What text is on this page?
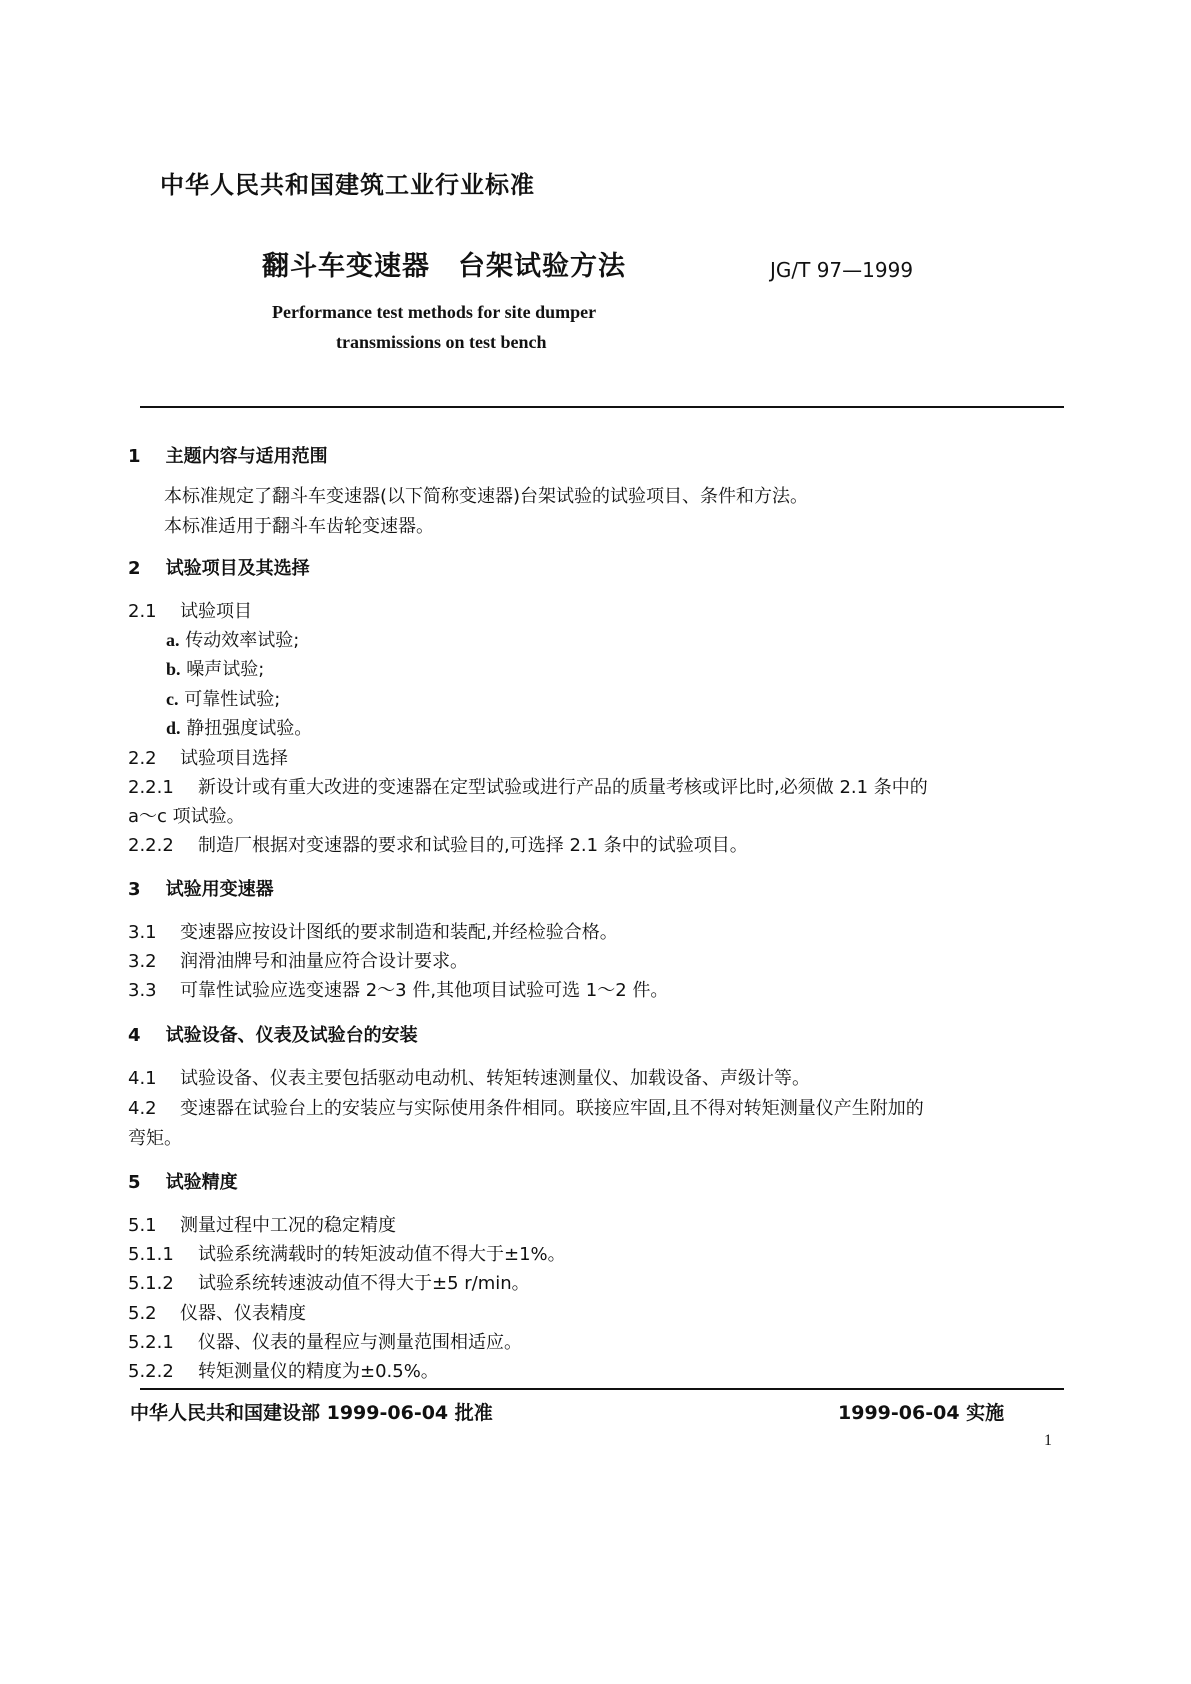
中华人民共和国建筑工业行业标准
翻斗车变速器　台架试验方法	JG/T 97—1999
Performance test methods for site dumper
transmissions on test bench
1 主题内容与适用范围
本标准规定了翻斗车变速器(以下简称变速器)台架试验的试验项目、条件和方法。
本标准适用于翻斗车齿轮变速器。
2 试验项目及其选择
2.1 试验项目
a. 传动效率试验;
b. 噪声试验;
c. 可靠性试验;
d. 静扭强度试验。
2.2 试验项目选择
2.2.1 新设计或有重大改进的变速器在定型试验或进行产品的质量考核或评比时,必须做 2.1 条中的
a～c 项试验。
2.2.2 制造厂根据对变速器的要求和试验目的,可选择 2.1 条中的试验项目。
3 试验用变速器
3.1 变速器应按设计图纸的要求制造和装配,并经检验合格。
3.2 润滑油牌号和油量应符合设计要求。
3.3 可靠性试验应选变速器 2～3 件,其他项目试验可选 1～2 件。
4 试验设备、仪表及试验台的安装
4.1 试验设备、仪表主要包括驱动电动机、转矩转速测量仪、加载设备、声级计等。
4.2 变速器在试验台上的安装应与实际使用条件相同。联接应牢固,且不得对转矩测量仪产生附加的
弯矩。
5 试验精度
5.1 测量过程中工况的稳定精度
5.1.1 试验系统满载时的转矩波动值不得大于±1%。
5.1.2 试验系统转速波动值不得大于±5 r/min。
5.2 仪器、仪表精度
5.2.1 仪器、仪表的量程应与测量范围相适应。
5.2.2 转矩测量仪的精度为±0.5%。
中华人民共和国建设部 1999-06-04 批准	1999-06-04 实施
1
